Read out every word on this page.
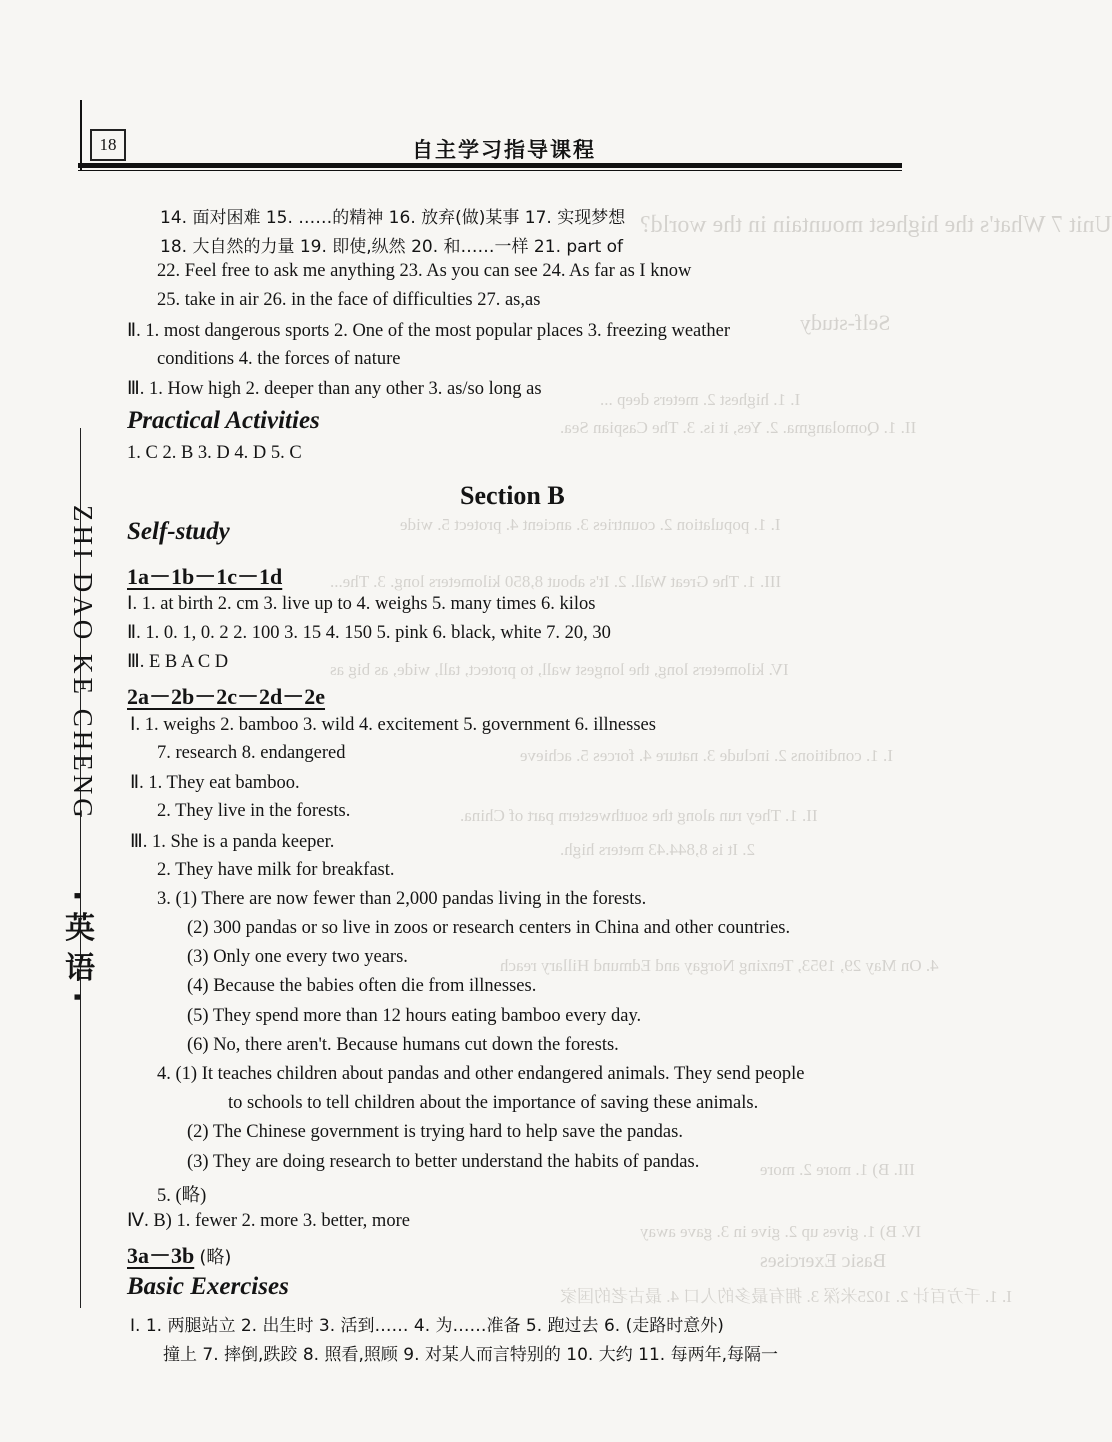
Unit 7 What's the highest mountain in the world?
Self-study
I. 1. highest 2. meters deep ...
II. 1. Qomolangma. 2. Yes, it is. 3. The Caspian Sea.
I. 1. population 2. countries 3. ancient 4. protect 5. wide
III. 1. The Great Wall. 2. It's about 8,850 kilometers long. 3. The...
IV. kilometers long, the longest wall, to protect, tall, wide, as big as
I. 1. conditions 2. include 3. nature 4. forces 5. achieve
II. 1. They run along the southwestern part of China.
2. It is 8,844.43 meters high.
4. On May 29, 1953, Tenzing Norgay and Edmund Hillary reach
III. B) 1. more 2. more
IV. B) 1. gives up 2. give in 3. gave away
Basic Exercises
I. 1. 千方百计 2. 1025米深 3. 拥有最多的人口 4. 最古老的国家
18	自主学习指导课程
ZHI DAO KE CHENG
·英语·
14. 面对困难 15. ……的精神 16. 放弃(做)某事 17. 实现梦想
18. 大自然的力量 19. 即使,纵然 20. 和……一样 21. part of
22. Feel free to ask me anything 23. As you can see 24. As far as I know
25. take in air 26. in the face of difficulties 27. as,as
Ⅱ. 1. most dangerous sports 2. One of the most popular places 3. freezing weather
conditions 4. the forces of nature
Ⅲ. 1. How high 2. deeper than any other 3. as/so long as
Practical Activities
1. C 2. B 3. D 4. D 5. C
Section B
Self-study
1a－1b－1c－1d
Ⅰ. 1. at birth 2. cm 3. live up to 4. weighs 5. many times 6. kilos
Ⅱ. 1. 0. 1, 0. 2 2. 100 3. 15 4. 150 5. pink 6. black, white 7. 20, 30
Ⅲ. E B A C D
2a－2b－2c－2d－2e
Ⅰ. 1. weighs 2. bamboo 3. wild 4. excitement 5. government 6. illnesses
7. research 8. endangered
Ⅱ. 1. They eat bamboo.
2. They live in the forests.
Ⅲ. 1. She is a panda keeper.
2. They have milk for breakfast.
3. (1) There are now fewer than 2,000 pandas living in the forests.
(2) 300 pandas or so live in zoos or research centers in China and other countries.
(3) Only one every two years.
(4) Because the babies often die from illnesses.
(5) They spend more than 12 hours eating bamboo every day.
(6) No, there aren't. Because humans cut down the forests.
4. (1) It teaches children about pandas and other endangered animals. They send people
to schools to tell children about the importance of saving these animals.
(2) The Chinese government is trying hard to help save the pandas.
(3) They are doing research to better understand the habits of pandas.
5. (略)
Ⅳ. B) 1. fewer 2. more 3. better, more
3a－3b (略)
Basic Exercises
Ⅰ. 1. 两腿站立 2. 出生时 3. 活到…… 4. 为……准备 5. 跑过去 6. (走路时意外)
撞上 7. 摔倒,跌跤 8. 照看,照顾 9. 对某人而言特别的 10. 大约 11. 每两年,每隔一
